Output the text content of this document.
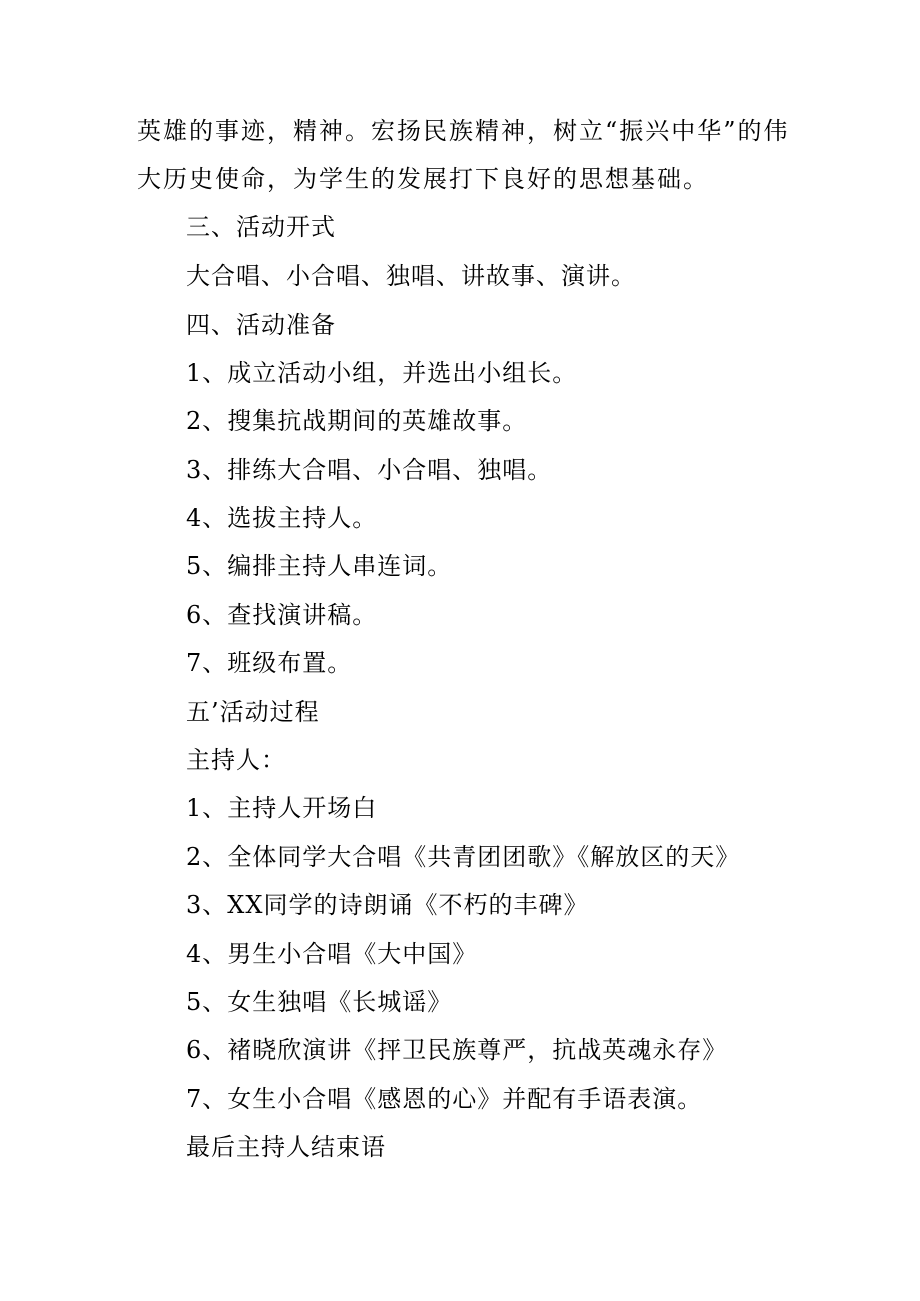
英雄的事迹，精神。宏扬民族精神，树立“振兴中华”的伟
大历史使命，为学生的发展打下良好的思想基础。
三、活动开式
大合唱、小合唱、独唱、讲故事、演讲。
四、活动准备
1、成立活动小组，并选出小组长。
2、搜集抗战期间的英雄故事。
3、排练大合唱、小合唱、独唱。
4、选拔主持人。
5、编排主持人串连词。
6、查找演讲稿。
7、班级布置。
五’活动过程
主持人：
1、主持人开场白
2、全体同学大合唱《共青团团歌》《解放区的天》
3、XX同学的诗朗诵《不朽的丰碑》
4、男生小合唱《大中国》
5、女生独唱《长城谣》
6、褚晓欣演讲《抨卫民族尊严，抗战英魂永存》
7、女生小合唱《感恩的心》并配有手语表演。
最后主持人结束语
